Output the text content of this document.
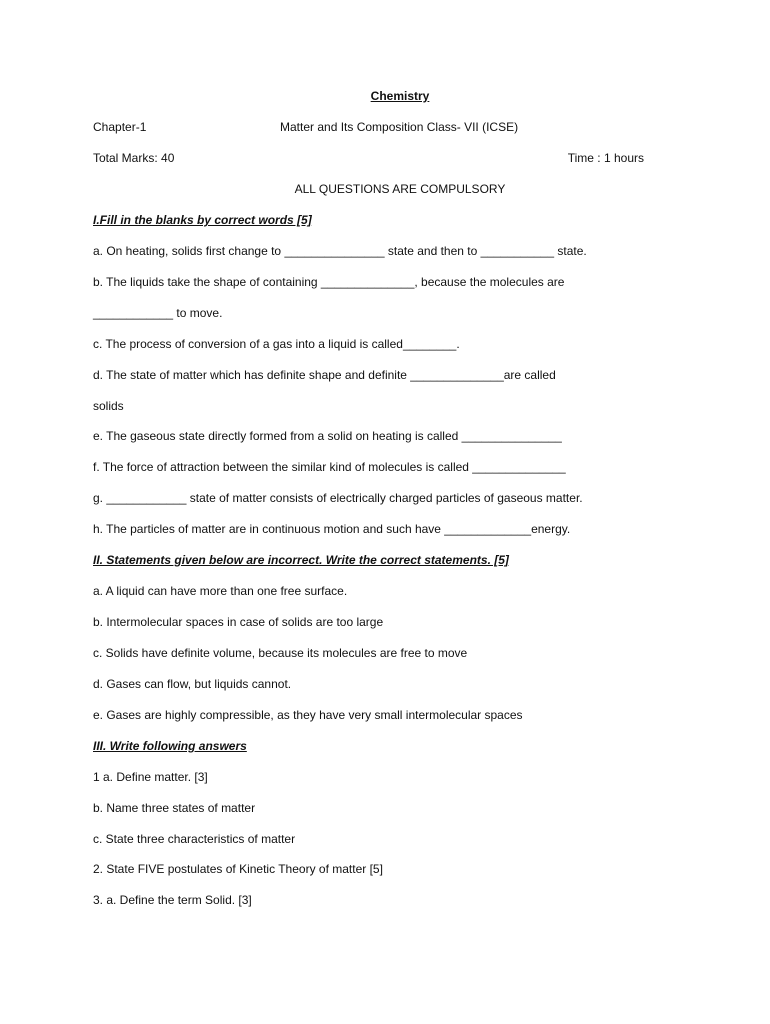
Chemistry
Chapter-1	Matter and Its Composition Class- VII (ICSE)
Total Marks: 40	Time : 1 hours
ALL QUESTIONS ARE COMPULSORY
I.Fill in the blanks by correct words [5]
a. On heating, solids first change to _______________ state and then to ___________ state.
b. The liquids take the shape of containing ______________, because the molecules are
____________ to move.
c. The process of conversion of a gas into a liquid is called________.
d. The state of matter which has definite shape and definite ______________are called
solids
e. The gaseous state directly formed from a solid on heating is called _______________
f. The force of attraction between the similar kind of molecules is called ______________
g. ____________ state of matter consists of electrically charged particles of gaseous matter.
h. The particles of matter are in continuous motion and such have _____________energy.
II. Statements given below are incorrect. Write the correct statements. [5]
a. A liquid can have more than one free surface.
b. Intermolecular spaces in case of solids are too large
c. Solids have definite volume, because its molecules are free to move
d. Gases can flow, but liquids cannot.
e. Gases are highly compressible, as they have very small intermolecular spaces
III. Write following answers
1 a. Define matter. [3]
b. Name three states of matter
c. State three characteristics of matter
2. State FIVE postulates of Kinetic Theory of matter [5]
3. a. Define the term Solid. [3]
